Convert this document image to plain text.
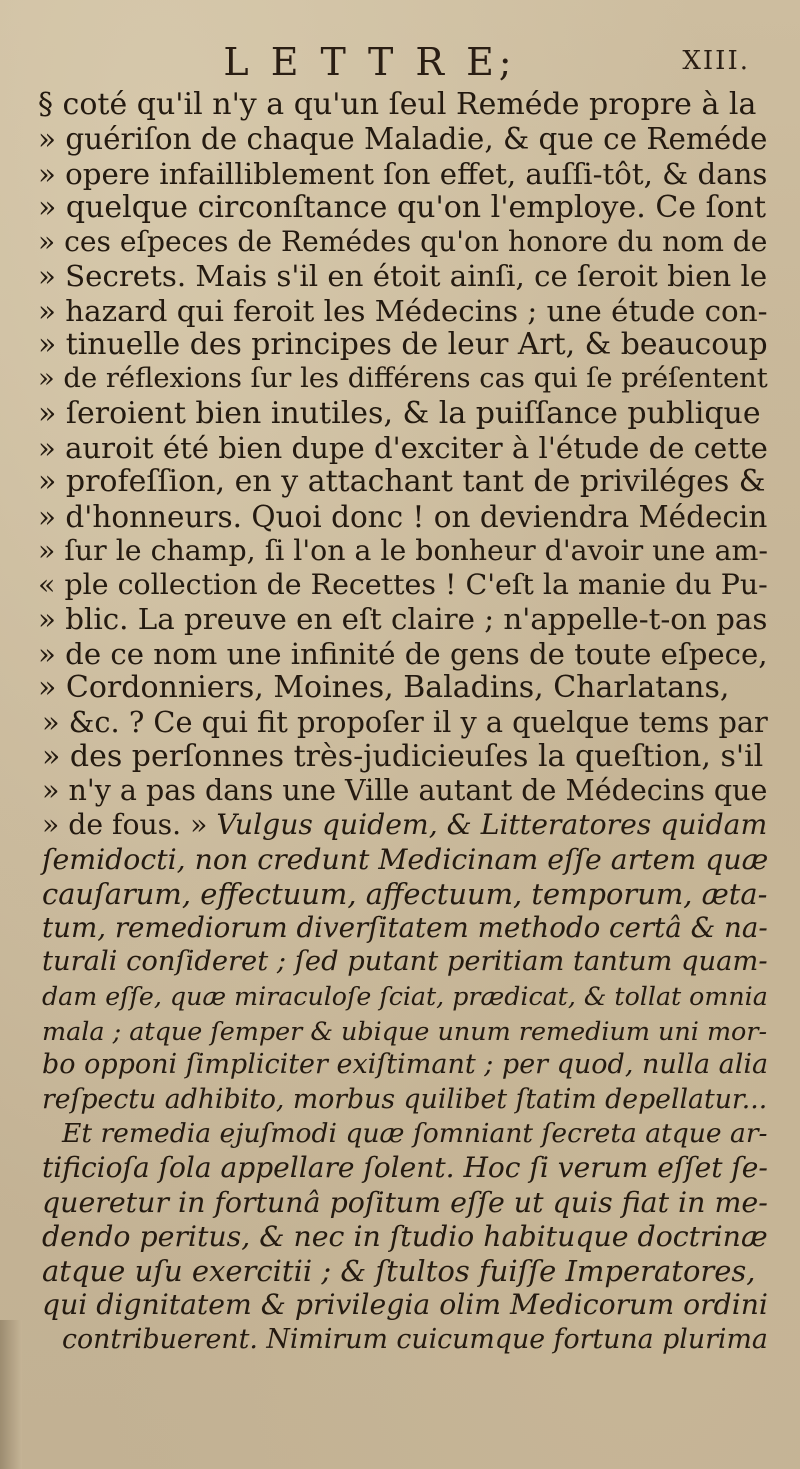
L E T T R E;	XIII.
§ coté qu'il n'y a qu'un ſeul Reméde propre à la
» guériſon de chaque Maladie, & que ce Reméde
» opere infailliblement ſon effet, auſſi-tôt, & dans
» quelque circonſtance qu'on l'employe. Ce ſont
» ces eſpeces de Remédes qu'on honore du nom de
» Secrets. Mais s'il en étoit ainſi, ce ſeroit bien le
» hazard qui feroit les Médecins ; une étude con-
» tinuelle des principes de leur Art, & beaucoup
» de réflexions ſur les différens cas qui ſe préſentent
» ſeroient bien inutiles, & la puiſſance publique
» auroit été bien dupe d'exciter à l'étude de cette
» profeſſion, en y attachant tant de priviléges &
» d'honneurs. Quoi donc ! on deviendra Médecin
» ſur le champ, ſi l'on a le bonheur d'avoir une am-
« ple collection de Recettes ! C'eſt la manie du Pu-
» blic. La preuve en eſt claire ; n'appelle-t-on pas
» de ce nom une infinité de gens de toute eſpece,
» Cordonniers, Moines, Baladins, Charlatans,
» &c. ? Ce qui fit propoſer il y a quelque tems par
» des perſonnes très-judicieuſes la queſtion, s'il
» n'y a pas dans une Ville autant de Médecins que
» de fous. » Vulgus quidem, & Litteratores quidam
ſemidocti, non credunt Medicinam eſſe artem quæ
cauſarum, effectuum, affectuum, temporum, æta-
tum, remediorum diverſitatem methodo certâ & na-
turali conſideret ; ſed putant peritiam tantum quam-
dam eſſe, quæ miraculoſe ſciat, prædicat, & tollat omnia
mala ; atque ſemper & ubique unum remedium uni mor-
bo opponi ſimpliciter exiſtimant ; per quod, nulla alia
reſpectu adhibito, morbus quilibet ſtatim depellatur...
Et remedia ejuſmodi quæ ſomniant ſecreta atque ar-
tificioſa ſola appellare ſolent. Hoc ſi verum eſſet ſe-
queretur in fortunâ poſitum eſſe ut quis fiat in me-
dendo peritus, & nec in ſtudio habituque doctrinæ
atque uſu exercitii ; & ſtultos fuiſſe Imperatores,
qui dignitatem & privilegia olim Medicorum ordini
contribuerent. Nimirum cuicumque fortuna plurima
